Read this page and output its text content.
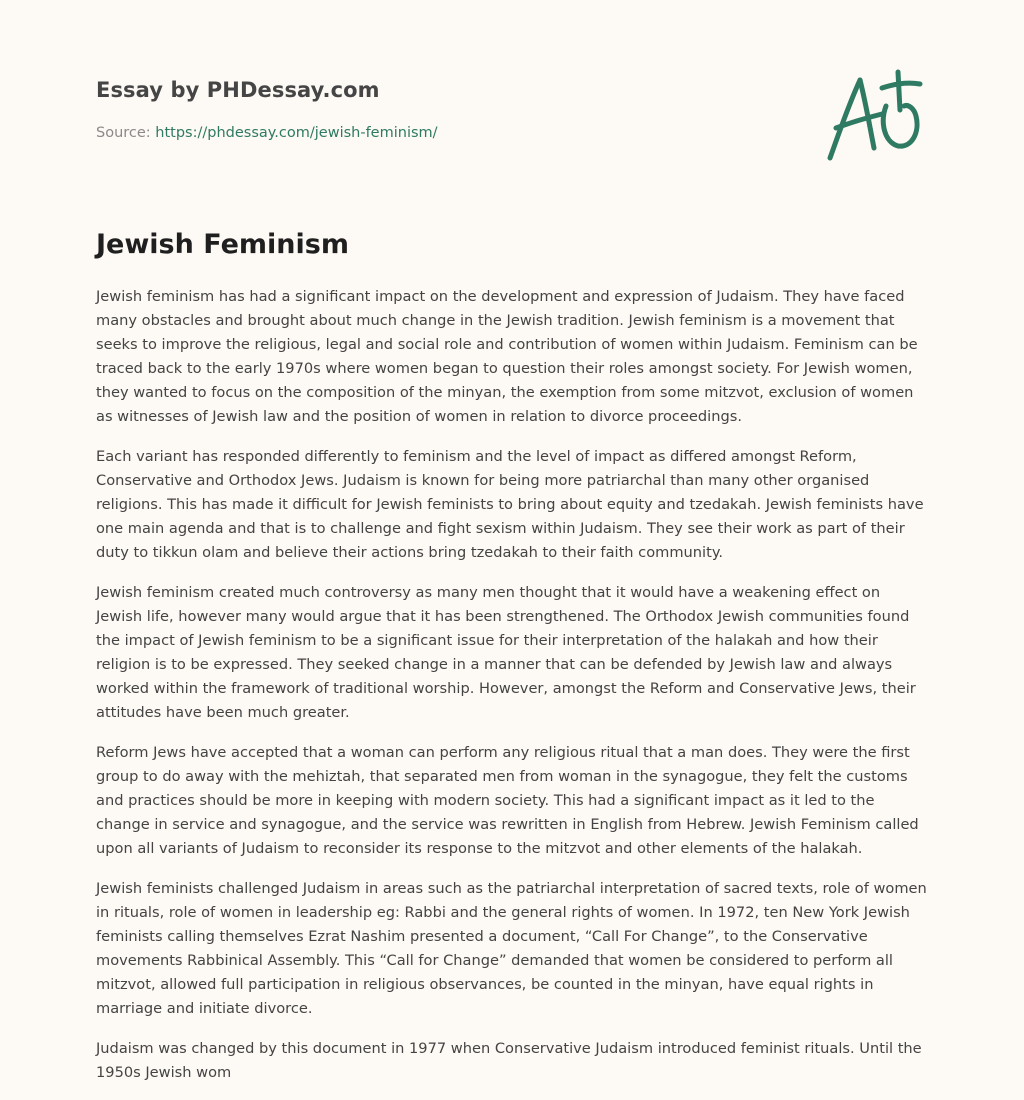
Essay by PHDessay.com
Source: https://phdessay.com/jewish-feminism/
Jewish Feminism

Jewish feminism has had a significant impact on the development and expression of Judaism. They have faced many obstacles and brought about much change in the Jewish tradition. Jewish feminism is a movement that seeks to improve the religious, legal and social role and contribution of women within Judaism. Feminism can be traced back to the early 1970s where women began to question their roles amongst society. For Jewish women, they wanted to focus on the composition of the minyan, the exemption from some mitzvot, exclusion of women as witnesses of Jewish law and the position of women in relation to divorce proceedings.

Each variant has responded differently to feminism and the level of impact as differed amongst Reform, Conservative and Orthodox Jews. Judaism is known for being more patriarchal than many other organised religions. This has made it difficult for Jewish feminists to bring about equity and tzedakah. Jewish feminists have one main agenda and that is to challenge and fight sexism within Judaism. They see their work as part of their duty to tikkun olam and believe their actions bring tzedakah to their faith community.

Jewish feminism created much controversy as many men thought that it would have a weakening effect on Jewish life, however many would argue that it has been strengthened. The Orthodox Jewish communities found the impact of Jewish feminism to be a significant issue for their interpretation of the halakah and how their religion is to be expressed. They seeked change in a manner that can be defended by Jewish law and always worked within the framework of traditional worship. However, amongst the Reform and Conservative Jews, their attitudes have been much greater.

Reform Jews have accepted that a woman can perform any religious ritual that a man does. They were the first group to do away with the mehiztah, that separated men from woman in the synagogue, they felt the customs and practices should be more in keeping with modern society. This had a significant impact as it led to the change in service and synagogue, and the service was rewritten in English from Hebrew. Jewish Feminism called upon all variants of Judaism to reconsider its response to the mitzvot and other elements of the halakah.

Jewish feminists challenged Judaism in areas such as the patriarchal interpretation of sacred texts, role of women in rituals, role of women in leadership eg: Rabbi and the general rights of women. In 1972, ten New York Jewish feminists calling themselves Ezrat Nashim presented a document, “Call For Change”, to the Conservative movements Rabbinical Assembly. This “Call for Change” demanded that women be considered to perform all mitzvot, allowed full participation in religious observances, be counted in the minyan, have equal rights in marriage and initiate divorce.

Judaism was changed by this document in 1977 when Conservative Judaism introduced feminist rituals. Until the 1950s Jewish wom
